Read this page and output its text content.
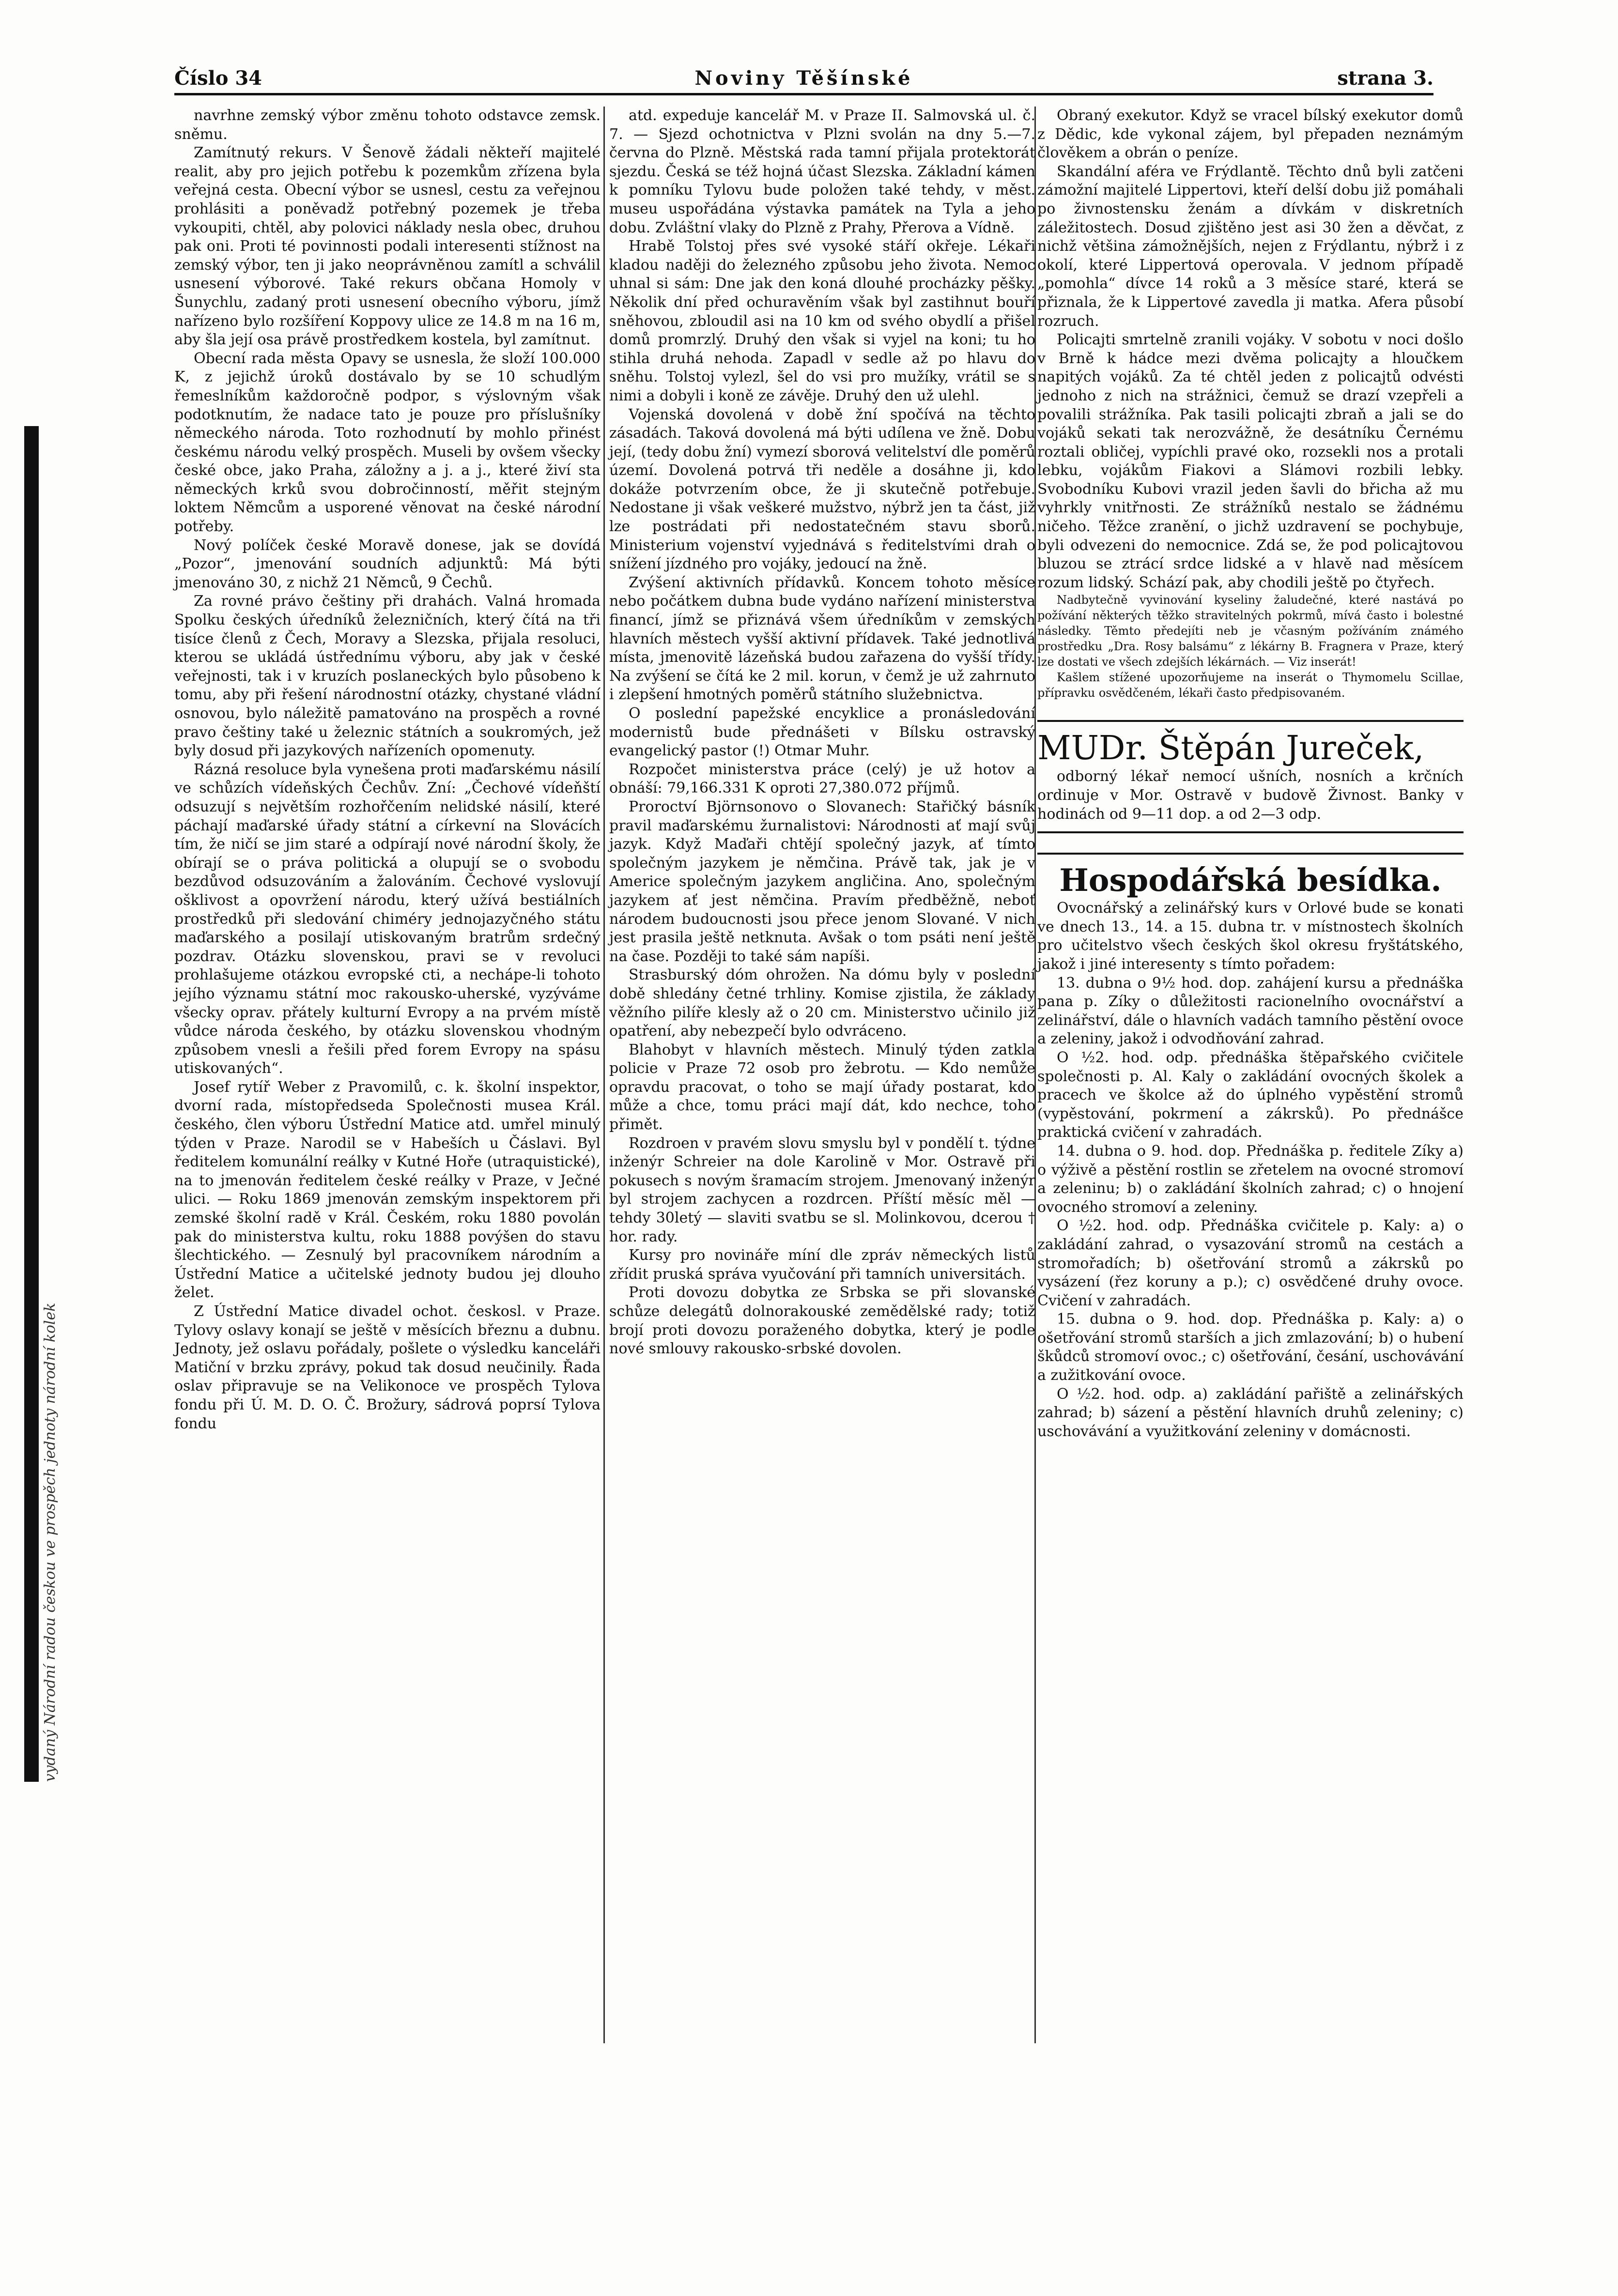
vydaný Národní radou českou ve prospěch jednoty národní kolek
Číslo 34	Noviny Těšínské	strana 3.

navrhne zemský výbor změnu tohoto odstavce zemsk. sněmu.

Zamítnutý rekurs. V Šenově žádali někteří majitelé realit, aby pro jejich potřebu k pozemkům zřízena byla veřejná cesta. Obecní výbor se usnesl, cestu za veřejnou prohlásiti a poněvadž potřebný pozemek je třeba vykoupiti, chtěl, aby polovici náklady nesla obec, druhou pak oni. Proti té povinnosti podali interesenti stížnost na zemský výbor, ten ji jako neoprávněnou zamítl a schválil usnesení výborové. Také rekurs občana Homoly v Šunychlu, zadaný proti usnesení obecního výboru, jímž nařízeno bylo rozšíření Koppovy ulice ze 14.8 m na 16 m, aby šla její osa právě prostředkem kostela, byl zamítnut.

Obecní rada města Opavy se usnesla, že složí 100.000 K, z jejichž úroků dostávalo by se 10 schudlým řemeslníkům každoročně podpor, s výslovným však podotknutím, že nadace tato je pouze pro příslušníky německého národa. Toto rozhodnutí by mohlo přinést českému národu velký prospěch. Museli by ovšem všecky české obce, jako Praha, záložny a j. a j., které živí sta německých krků svou dobročinností, měřit stejným loktem Němcům a usporené věnovat na české národní potřeby.

Nový políček české Moravě donese, jak se dovídá „Pozor“, jmenování soudních adjunktů: Má býti jmenováno 30, z nichž 21 Němců, 9 Čechů.

Za rovné právo češtiny při drahách. Valná hromada Spolku českých úředníků železničních, který čítá na tři tisíce členů z Čech, Moravy a Slezska, přijala resoluci, kterou se ukládá ústřednímu výboru, aby jak v české veřejnosti, tak i v kruzích poslaneckých bylo působeno k tomu, aby při řešení národnostní otázky, chystané vládní osnovou, bylo náležitě pamatováno na prospěch a rovné pravo češtiny také u železnic státních a soukromých, jež byly dosud při jazykových nařízeních opomenuty.

Rázná resoluce byla vynešena proti maďarskému násilí ve schůzích vídeňských Čechův. Zní: „Čechové vídeňští odsuzují s největším rozhořčením nelidské násilí, které páchají maďarské úřady státní a církevní na Slovácích tím, že ničí se jim staré a odpírají nové národní školy, že obírají se o práva politická a olupují se o svobodu bezdůvod odsuzováním a žalováním. Čechové vyslovují ošklivost a opovržení národu, který užívá bestiálních prostředků při sledování chiméry jednojazyčného státu maďarského a posilají utiskovaným bratrům srdečný pozdrav. Otázku slovenskou, pravi se v revoluci prohlašujeme otázkou evropské cti, a nechápe-li tohoto jejího významu státní moc rakousko-uherské, vyzýváme všecky oprav. přátely kulturní Evropy a na prvém místě vůdce národa českého, by otázku slovenskou vhodným způsobem vnesli a řešili před forem Evropy na spásu utiskovaných“.

Josef rytíř Weber z Pravomilů, c. k. školní inspektor, dvorní rada, místopředseda Společnosti musea Král. českého, člen výboru Ústřední Matice atd. umřel minulý týden v Praze. Narodil se v Habeších u Čáslavi. Byl ředitelem komunální reálky v Kutné Hoře (utraquistické), na to jmenován ředitelem české reálky v Praze, v Ječné ulici. — Roku 1869 jmenován zemským inspektorem při zemské školní radě v Král. Českém, roku 1880 povolán pak do ministerstva kultu, roku 1888 povýšen do stavu šlechtického. — Zesnulý byl pracovníkem národním a Ústřední Matice a učitelské jednoty budou jej dlouho želet.

Z Ústřední Matice divadel ochot. českosl. v Praze. Tylovy oslavy konají se ještě v měsících březnu a dubnu. Jednoty, jež oslavu pořádaly, pošlete o výsledku kanceláři Matiční v brzku zprávy, pokud tak dosud neučinily. Řada oslav připravuje se na Velikonoce ve prospěch Tylova fondu při Ú. M. D. O. Č. Brožury, sádrová poprsí Tylova fondu

atd. expeduje kancelář M. v Praze II. Salmovská ul. č. 7. — Sjezd ochotnictva v Plzni svolán na dny 5.—7. června do Plzně. Městská rada tamní přijala protektorát sjezdu. Česká se též hojná účast Slezska. Základní kámen k pomníku Tylovu bude položen také tehdy, v měst. museu uspořádána výstavka památek na Tyla a jeho dobu. Zvláštní vlaky do Plzně z Prahy, Přerova a Vídně.

Hrabě Tolstoj přes své vysoké stáří okřeje. Lékaři kladou naději do železného způsobu jeho života. Nemoc uhnal si sám: Dne jak den koná dlouhé procházky pěšky. Několik dní před ochuravěním však byl zastihnut bouří sněhovou, zbloudil asi na 10 km od svého obydlí a přišel domů promrzlý. Druhý den však si vyjel na koni; tu ho stihla druhá nehoda. Zapadl v sedle až po hlavu do sněhu. Tolstoj vylezl, šel do vsi pro mužíky, vrátil se s nimi a dobyli i koně ze závěje. Druhý den už ulehl.

Vojenská dovolená v době žní spočívá na těchto zásadách. Taková dovolená má býti udílena ve žně. Dobu její, (tedy dobu žní) vymezí sborová velitelství dle poměrů území. Dovolená potrvá tři neděle a dosáhne ji, kdo dokáže potvrzením obce, že ji skutečně potřebuje. Nedostane ji však veškeré mužstvo, nýbrž jen ta část, již lze postrádati při nedostatečném stavu sborů. Ministerium vojenství vyjednává s ředitelstvími drah o snížení jízdného pro vojáky, jedoucí na žně.

Zvýšení aktivních přídavků. Koncem tohoto měsíce nebo počátkem dubna bude vydáno nařízení ministerstva financí, jímž se přiznává všem úředníkům v zemských hlavních městech vyšší aktivní přídavek. Také jednotlivá místa, jmenovitě lázeňská budou zařazena do vyšší třídy. Na zvýšení se čítá ke 2 mil. korun, v čemž je už zahrnuto i zlepšení hmotných poměrů státního služebnictva.

O poslední papežské encyklice a pronásledování modernistů bude přednášeti v Bílsku ostravský evangelický pastor (!) Otmar Muhr.

Rozpočet ministerstva práce (celý) je už hotov a obnáší: 79,166.331 K oproti 27,380.072 příjmů.

Proroctví Björnsonovo o Slovanech: Stařičký básník pravil maďarskému žurnalistovi: Národnosti ať mají svůj jazyk. Když Maďaři chtějí společný jazyk, ať tímto společným jazykem je němčina. Právě tak, jak je v Americe společným jazykem angličina. Ano, společným jazykem ať jest němčina. Pravím předběžně, neboť národem budoucnosti jsou přece jenom Slované. V nich jest prasila ještě netknuta. Avšak o tom psáti není ještě na čase. Později to také sám napíši.

Strasburský dóm ohrožen. Na dómu byly v poslední době shledány četné trhliny. Komise zjistila, že základy věžního pilíře klesly až o 20 cm. Ministerstvo učinilo již opatření, aby nebezpečí bylo odvráceno.

Blahobyt v hlavních městech. Minulý týden zatkla policie v Praze 72 osob pro žebrotu. — Kdo nemůže opravdu pracovat, o toho se mají úřady postarat, kdo může a chce, tomu práci mají dát, kdo nechce, toho přimět.

Rozdroen v pravém slovu smyslu byl v pondělí t. týdne inženýr Schreier na dole Karolině v Mor. Ostravě při pokusech s novým šramacím strojem. Jmenovaný inženýr byl strojem zachycen a rozdrcen. Příští měsíc měl — tehdy 30letý — slaviti svatbu se sl. Molinkovou, dcerou † hor. rady.

Kursy pro novináře míní dle zpráv německých listů zřídit pruská správa vyučování při tamních universitách.

Proti dovozu dobytka ze Srbska se při slovanské schůze delegátů dolnorakouské zemědělské rady; totiž brojí proti dovozu poraženého dobytka, který je podle nové smlouvy rakousko-srbské dovolen.

Obraný exekutor. Když se vracel bílský exekutor domů z Dědic, kde vykonal zájem, byl přepaden neznámým člověkem a obrán o peníze.

Skandální aféra ve Frýdlantě. Těchto dnů byli zatčeni zámožní majitelé Lippertovi, kteří delší dobu již pomáhali po živnostensku ženám a dívkám v diskretních záležitostech. Dosud zjištěno jest asi 30 žen a děvčat, z nichž většina zámožnějších, nejen z Frýdlantu, nýbrž i z okolí, které Lippertová operovala. V jednom případě „pomohla“ dívce 14 roků a 3 měsíce staré, která se přiznala, že k Lippertové zavedla ji matka. Afera působí rozruch.

Policajti smrtelně zranili vojáky. V sobotu v noci došlo v Brně k hádce mezi dvěma policajty a hloučkem napitých vojáků. Za té chtěl jeden z policajtů odvésti jednoho z nich na strážnici, čemuž se drazí vzepřeli a povalili strážníka. Pak tasili policajti zbraň a jali se do vojáků sekati tak nerozvážně, že desátníku Černému roztali obličej, vypíchli pravé oko, rozsekli nos a protali lebku, vojákům Fiakovi a Slámovi rozbili lebky. Svobodníku Kubovi vrazil jeden šavli do břicha až mu vyhrkly vnitřnosti. Ze strážníků nestalo se žádnému ničeho. Těžce zranění, o jichž uzdravení se pochybuje, byli odvezeni do nemocnice. Zdá se, že pod policajtovou bluzou se ztrácí srdce lidské a v hlavě nad měsícem rozum lidský. Schází pak, aby chodili ještě po čtyřech.

Nadbytečně vyvinování kyseliny žaludečné, které nastává po požívání některých těžko stravitelných pokrmů, mívá často i bolestné následky. Těmto předejíti neb je včasným požíváním známého prostředku „Dra. Rosy balsámu“ z lékárny B. Fragnera v Praze, který lze dostati ve všech zdejších lékárnách. — Viz inserát!

Kašlem stížené upozorňujeme na inserát o Thymomelu Scillae, přípravku osvědčeném, lékaři často předpisovaném.

MUDr. Štěpán Jureček,

odborný lékař nemocí ušních, nosních a krčních ordinuje v Mor. Ostravě v budově Živnost. Banky v hodinách od 9—11 dop. a od 2—3 odp.

Hospodářská besídka.

Ovocnářský a zelinářský kurs v Orlové bude se konati ve dnech 13., 14. a 15. dubna tr. v místnostech školních pro učitelstvo všech českých škol okresu fryštátského, jakož i jiné interesenty s tímto pořadem:

13. dubna o 9½ hod. dop. zahájení kursu a přednáška pana p. Zíky o důležitosti racionelního ovocnářství a zelinářství, dále o hlavních vadách tamního pěstění ovoce a zeleniny, jakož i odvodňování zahrad.

O ½2. hod. odp. přednáška štěpařského cvičitele společnosti p. Al. Kaly o zakládání ovocných školek a pracech ve školce až do úplného vypěstění stromů (vypěstování, pokrmení a zákrsků). Po přednášce praktická cvičení v zahradách.

14. dubna o 9. hod. dop. Přednáška p. ředitele Zíky a) o výživě a pěstění rostlin se zřetelem na ovocné stromoví a zeleninu; b) o zakládání školních zahrad; c) o hnojení ovocného stromoví a zeleniny.

O ½2. hod. odp. Přednáška cvičitele p. Kaly: a) o zakládání zahrad, o vysazování stromů na cestách a stromořadích; b) ošetřování stromů a zákrsků po vysázení (řez koruny a p.); c) osvědčené druhy ovoce. Cvičení v zahradách.

15. dubna o 9. hod. dop. Přednáška p. Kaly: a) o ošetřování stromů starších a jich zmlazování; b) o hubení škůdců stromoví ovoc.; c) ošetřování, česání, uschovávání a zužitkování ovoce.

O ½2. hod. odp. a) zakládání pařiště a zelinářských zahrad; b) sázení a pěstění hlavních druhů zeleniny; c) uschovávání a využitkování zeleniny v domácnosti.
